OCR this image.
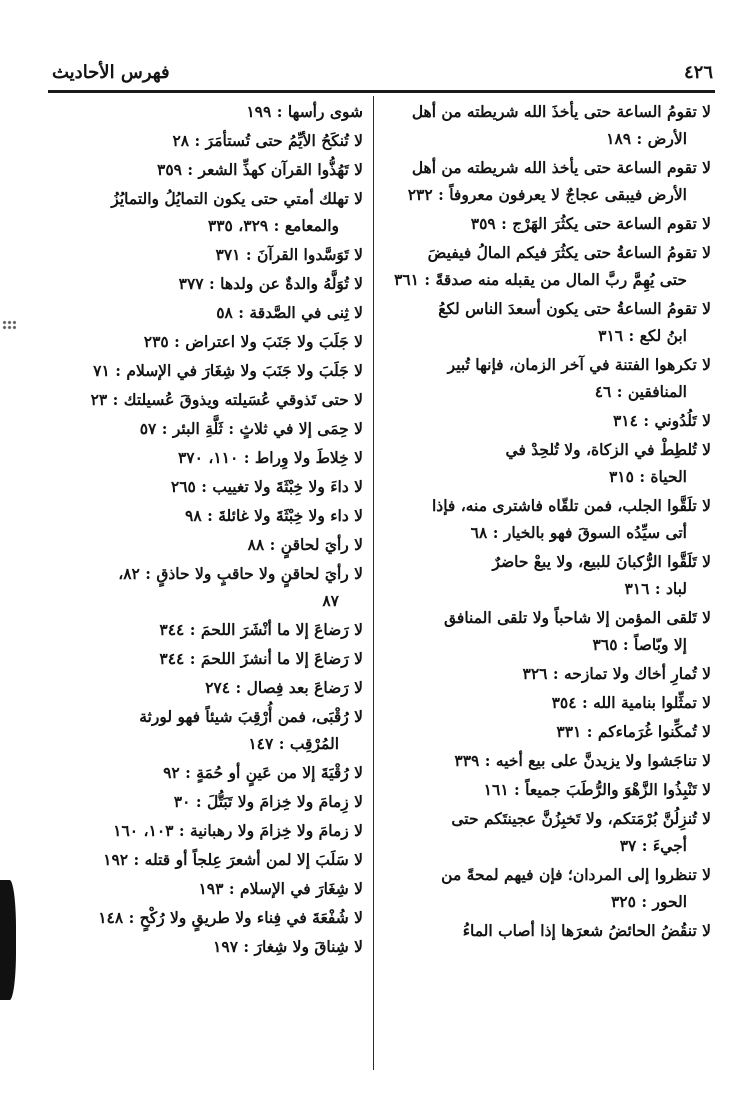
٤٢٦
فهرس الأحاديث
لا تقومُ الساعة حتى يأخذَ الله شريطته من أهل
الأرض : ١٨٩
لا تقوم الساعة حتى يأخذ الله شريطته من أهل
الأرض فيبقى عجاجٌ لا يعرفون معروفاً : ٢٣٢
لا تقوم الساعة حتى يكثُرَ الهَرْج : ٣٥٩
لا تقومُ الساعةُ حتى يكثُرَ فيكم المالُ فيفيضَ
حتى يُهِمَّ ربَّ المال من يقبله منه صدقةً : ٣٦١
لا تقومُ الساعةُ حتى يكون أسعدَ الناس لكعُ
ابنُ لكع : ٣١٦
لا تكرهوا الفتنة في آخر الزمان، فإنها تُبير
المنافقين : ٤٦
لا تَلُدُوني : ٣١٤
لا تُلطِطْ في الزكاة، ولا تُلحِدْ في
الحياة : ٣١٥
لا تلَقَّوا الجلب، فمن تلقّاه فاشترى منه، فإذا
أتى سيِّدُه السوقَ فهو بالخيار : ٦٨
لا تَلَقَّوا الرُّكبانَ للبيع، ولا يبعْ حاضرٌ
لباد : ٣١٦
لا تَلقى المؤمن إلا شاحباً ولا تلقى المنافق
إلا وبّاصاً : ٣٦٥
لا تُمارِ أخاك ولا تمازحه : ٣٢٦
لا تمثِّلوا بنامية الله : ٣٥٤
لا تُمكِّنوا غُرَماءكم : ٣٣١
لا تناجَشوا ولا يزيدنَّ على بيع أخيه : ٣٣٩
لا تَنْبِذُوا الزَّهْوَ والرُّطَبَ جميعاً : ١٦١
لا تُنزِلُنَّ بُرْمَتكم، ولا تَخبِزُنَّ عجينتَكم حتى
أجيءَ : ٣٧
لا تنظروا إلى المردان؛ فإن فيهم لمحةً من
الحور : ٣٢٥
لا تنقُضُ الحائضُ شعرَها إذا أصاب الماءُ
شوى رأسها : ١٩٩
لا تُنكَحُ الأيِّمُ حتى تُستأمَرَ : ٢٨
لا تَهُذُّوا القرآن كهذِّ الشعر : ٣٥٩
لا تهلك أمتي حتى يكون التمايُلُ والتمايُزُ
والمعامع : ٣٢٩، ٣٣٥
لا تَوَسَّدوا القرآنَ : ٣٧١
لا تُوَلَّهُ والدةٌ عن ولدها : ٣٧٧
لا ثِنى في الصَّدقة : ٥٨
لا جَلَبَ ولا جَنَبَ ولا اعتراض : ٢٣٥
لا جَلَبَ ولا جَنَبَ ولا شِغَارَ في الإسلام : ٧١
لا حتى تَذوقي عُسَيلته ويذوقَ عُسيلتك : ٢٣
لا حِمَى إلا في ثلاثٍ : ثَلَّةِ البئر : ٥٧
لا خِلاطَ ولا وِراط : ١١٠، ٣٧٠
لا داءَ ولا خِبْثَةَ ولا تغييب : ٢٦٥
لا داء ولا خِبْثَةَ ولا غائلةَ : ٩٨
لا رأيَ لحاقنٍ : ٨٨
لا رأيَ لحاقنٍ ولا حاقبٍ ولا حاذقٍ : ٨٢،
٨٧
لا رَضاعَ إلا ما أنْشَرَ اللحمَ : ٣٤٤
لا رَضاعَ إلا ما أنشزَ اللحمَ : ٣٤٤
لا رَضاعَ بعد فِصال : ٢٧٤
لا رُقْبَى، فمن أُرْقِبَ شيئاً فهو لورثة
المُرْقِب : ١٤٧
لا رُقْيَةَ إلا من عَينٍ أو حُمَةٍ : ٩٢
لا زِمامَ ولا خِزامَ ولا تَبَتُّلَ : ٣٠
لا زمامَ ولا خِزامَ ولا رهبانية : ١٠٣، ١٦٠
لا سَلَبَ إلا لمن أشعرَ عِلجاً أو قتله : ١٩٢
لا شِغَارَ في الإسلام : ١٩٣
لا شُفْعَةَ في فِناء ولا طريقٍ ولا رُكْحٍ : ١٤٨
لا شِناقَ ولا شِغارَ : ١٩٧
